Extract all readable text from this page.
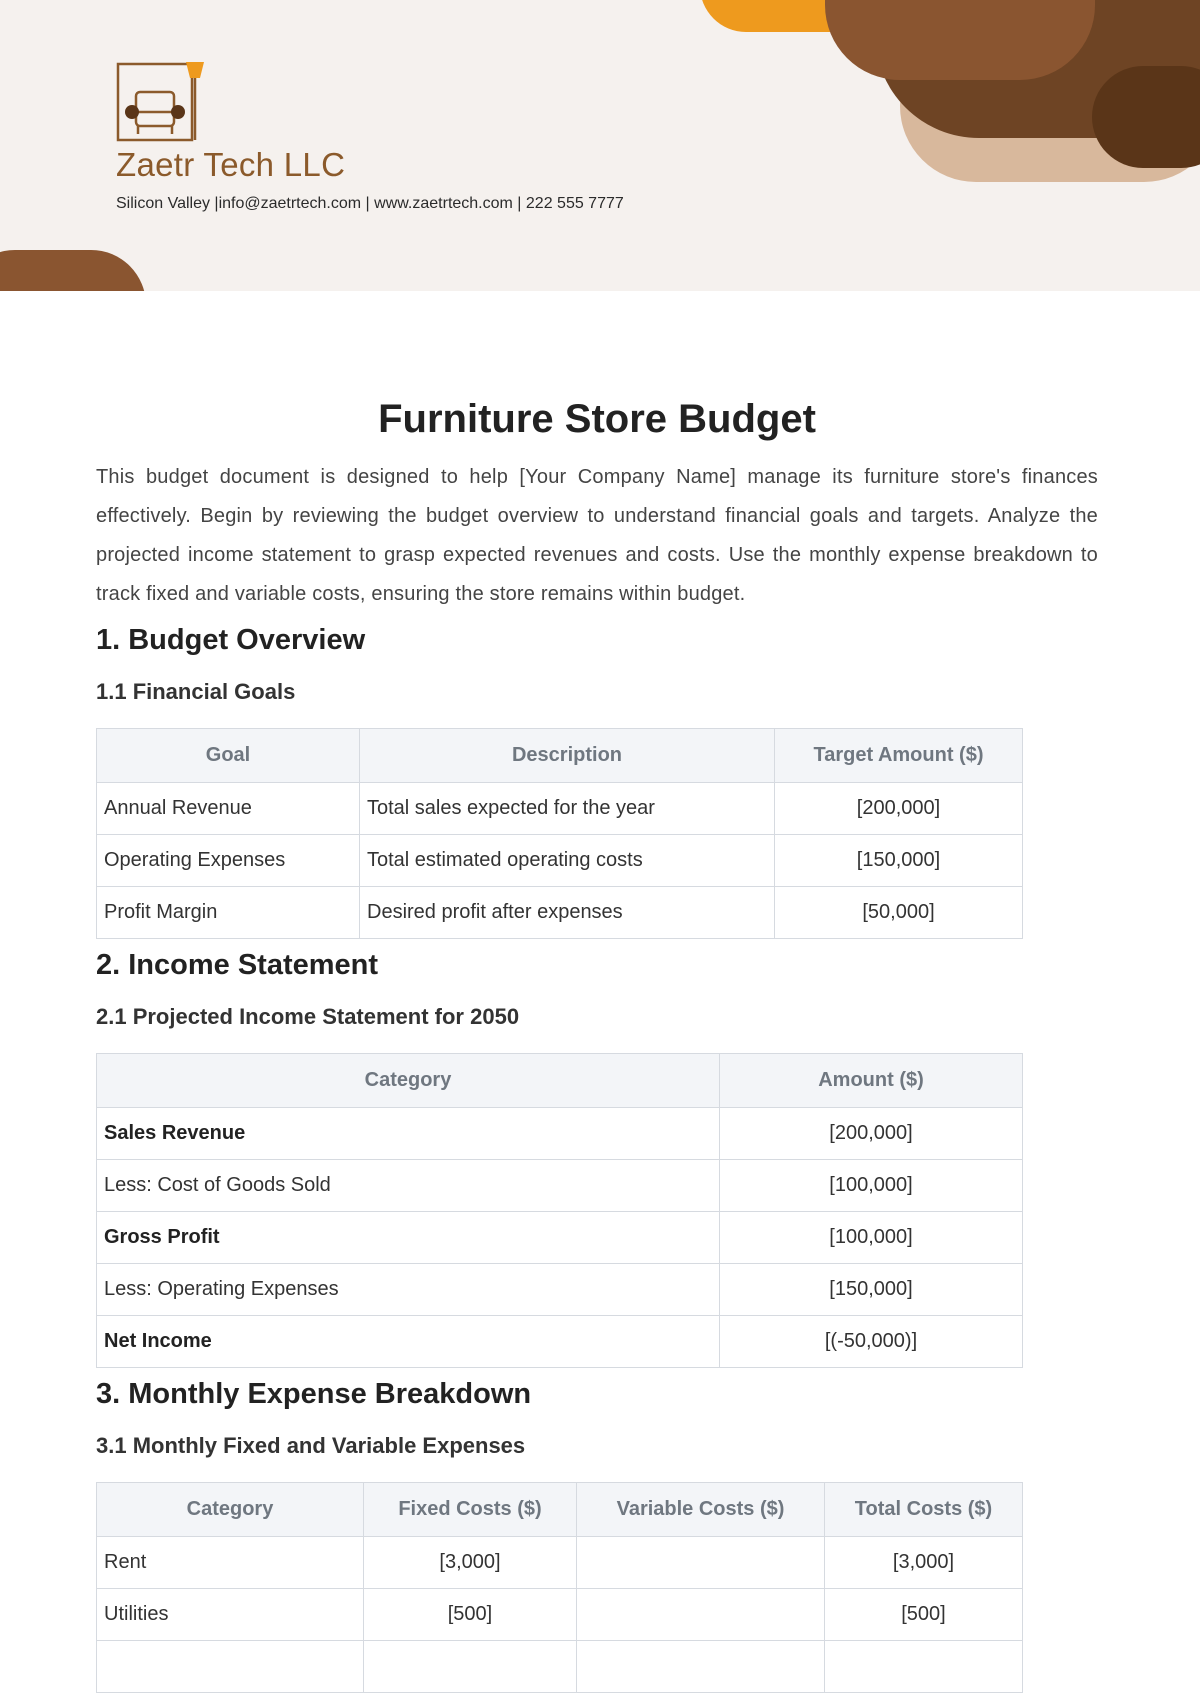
Zaetr Tech LLC
Silicon Valley |info@zaetrtech.com | www.zaetrtech.com | 222 555 7777
Furniture Store Budget

This budget document is designed to help [Your Company Name] manage its furniture store's finances effectively. Begin by reviewing the budget overview to understand financial goals and targets. Analyze the projected income statement to grasp expected revenues and costs. Use the monthly expense breakdown to track fixed and variable costs, ensuring the store remains within budget.

1. Budget Overview
1.1 Financial Goals
Goal	Description	Target Amount ($)
Annual Revenue	Total sales expected for the year	[200,000]
Operating Expenses	Total estimated operating costs	[150,000]
Profit Margin	Desired profit after expenses	[50,000]
2. Income Statement
2.1 Projected Income Statement for 2050
Category	Amount ($)
Sales Revenue	[200,000]
Less: Cost of Goods Sold	[100,000]
Gross Profit	[100,000]
Less: Operating Expenses	[150,000]
Net Income	[(-50,000)]
3. Monthly Expense Breakdown
3.1 Monthly Fixed and Variable Expenses
Category	Fixed Costs ($)	Variable Costs ($)	Total Costs ($)
Rent	[3,000]		[3,000]
Utilities	[500]		[500]
